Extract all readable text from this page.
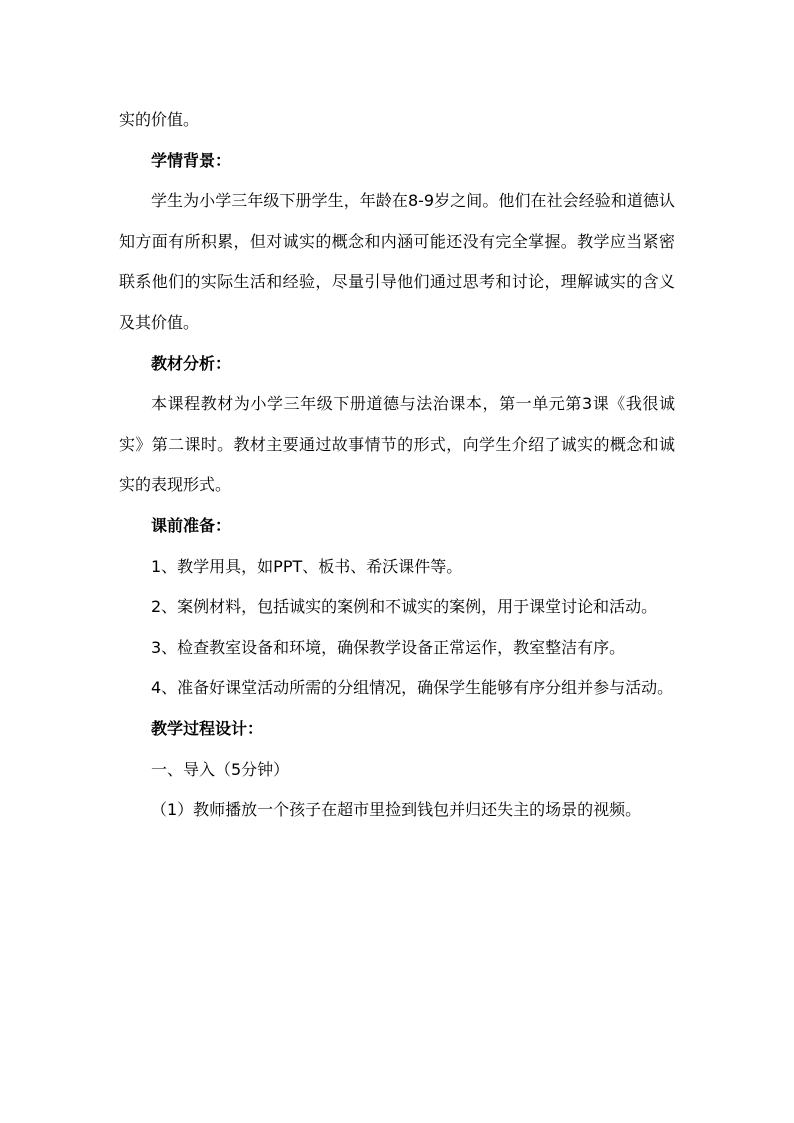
实的价值。

学情背景：

学生为小学三年级下册学生，年龄在8-9岁之间。他们在社会经验和道德认知方面有所积累，但对诚实的概念和内涵可能还没有完全掌握。教学应当紧密联系他们的实际生活和经验，尽量引导他们通过思考和讨论，理解诚实的含义及其价值。

教材分析：

本课程教材为小学三年级下册道德与法治课本，第一单元第3课《我很诚实》第二课时。教材主要通过故事情节的形式，向学生介绍了诚实的概念和诚实的表现形式。

课前准备：

1、教学用具，如PPT、板书、希沃课件等。

2、案例材料，包括诚实的案例和不诚实的案例，用于课堂讨论和活动。

3、检查教室设备和环境，确保教学设备正常运作，教室整洁有序。

4、准备好课堂活动所需的分组情况，确保学生能够有序分组并参与活动。

教学过程设计：

一、导入（5分钟）

（1）教师播放一个孩子在超市里捡到钱包并归还失主的场景的视频。
